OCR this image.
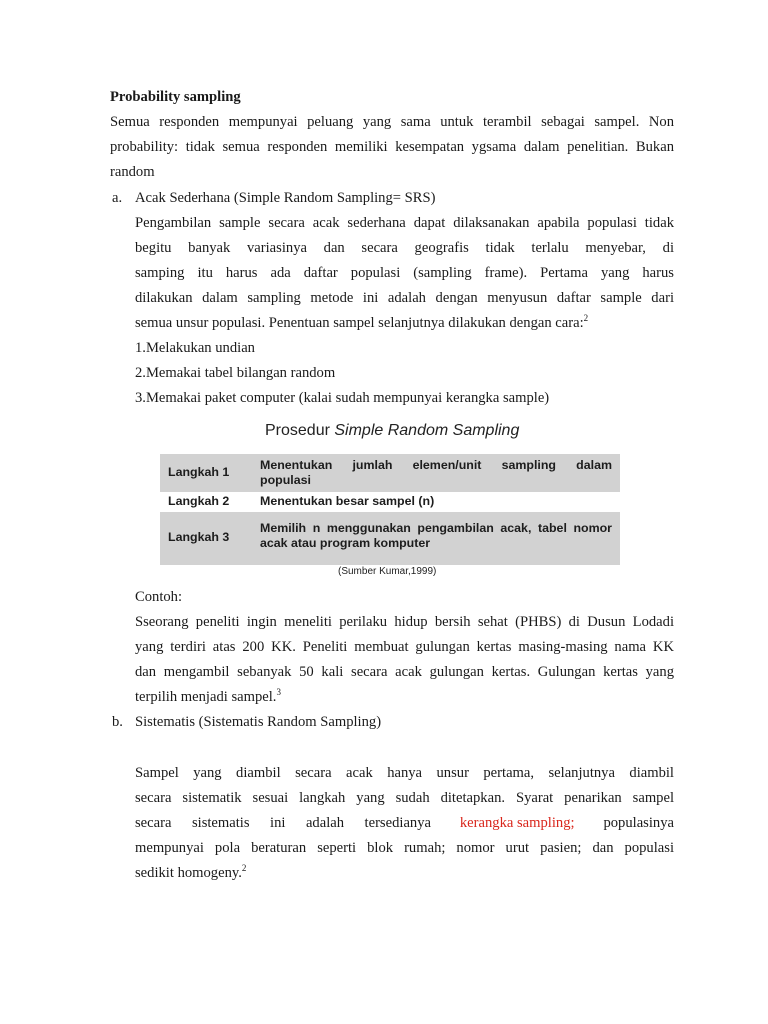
Probability sampling
Semua responden mempunyai peluang yang sama untuk terambil sebagai sampel. Non
probability: tidak semua responden memiliki kesempatan ygsama dalam penelitian. Bukan
random
a. Acak Sederhana (Simple Random Sampling= SRS)
Pengambilan sample secara acak sederhana dapat dilaksanakan apabila populasi tidak
begitu banyak variasinya dan secara geografis tidak terlalu menyebar, di
samping itu harus ada daftar populasi (sampling frame). Pertama yang harus
dilakukan dalam sampling metode ini adalah dengan menyusun daftar sample dari
semua unsur populasi. Penentuan sampel selanjutnya dilakukan dengan cara:$^2$
1.Melakukan undian
2.Memakai tabel bilangan random
3.Memakai paket computer (kalai sudah mempunyai kerangka sample)
Prosedur Simple Random Sampling
Langkah 1 Menentukan jumlah elemen/unit sampling dalam
populasi
Langkah 2 Menentukan besar sampel (n)
Langkah 3
Memilih n menggunakan pengambilan acak, tabel nomor
acak atau program komputer
(Sumber Kumar,1999)
Contoh:
Sseorang peneliti ingin meneliti perilaku hidup bersih sehat (PHBS) di Dusun Lodadi
yang terdiri atas 200 KK. Peneliti membuat gulungan kertas masing-masing nama KK
dan mengambil sebanyak 50 kali secara acak gulungan kertas. Gulungan kertas yang
terpilih menjadi sampel.$^3$
b. Sistematis (Sistematis Random Sampling)
Sampel yang diambil secara acak hanya unsur pertama, selanjutnya diambil
secara sistematik sesuai langkah yang sudah ditetapkan. Syarat penarikan sampel
secara sistematis ini adalah tersedianya kerangka sampling; populasinya
mempunyai pola beraturan seperti blok rumah; nomor urut pasien; dan populasi
sedikit homogeny.$^2$
